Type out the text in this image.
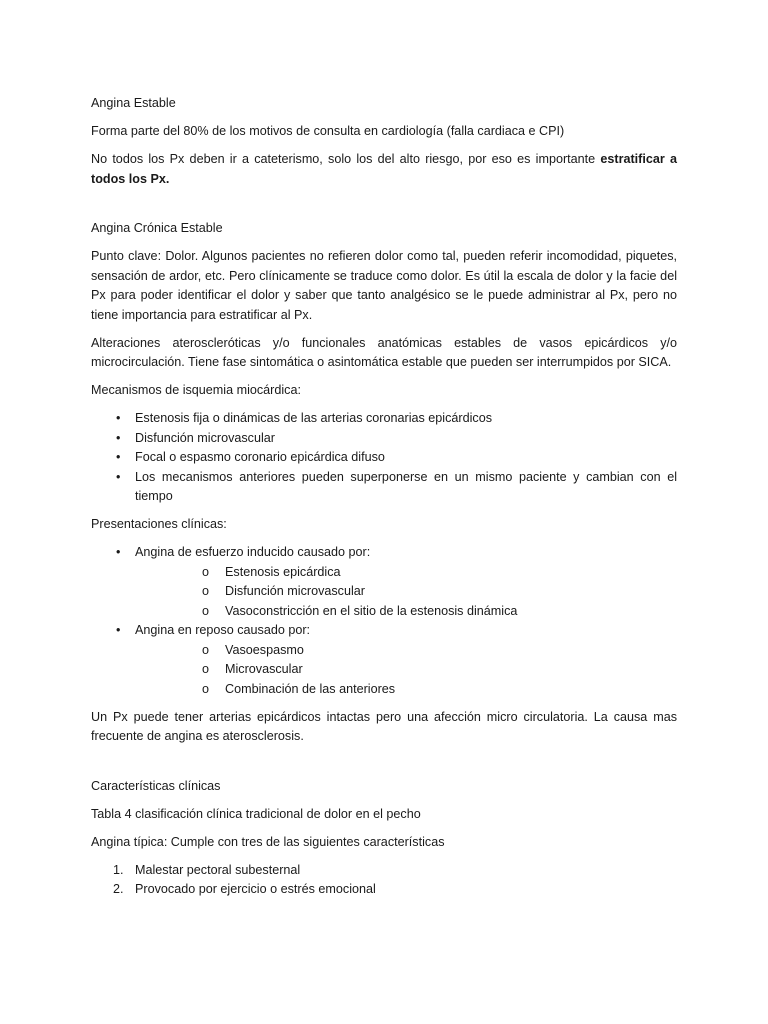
Angina Estable

Forma parte del 80% de los motivos de consulta en cardiología (falla cardiaca e CPI)

No todos los Px deben ir a cateterismo, solo los del alto riesgo, por eso es importante estratificar a todos los Px.

Angina Crónica Estable

Punto clave: Dolor. Algunos pacientes no refieren dolor como tal, pueden referir incomodidad, piquetes, sensación de ardor, etc. Pero clínicamente se traduce como dolor. Es útil la escala de dolor y la facie del Px para poder identificar el dolor y saber que tanto analgésico se le puede administrar al Px, pero no tiene importancia para estratificar al Px.

Alteraciones ateroscleróticas y/o funcionales anatómicas estables de vasos epicárdicos y/o microcirculación. Tiene fase sintomática o asintomática estable que pueden ser interrumpidos por SICA.

Mecanismos de isquemia miocárdica:

•	Estenosis fija o dinámicas de las arterias coronarias epicárdicos
•	Disfunción microvascular
•	Focal o espasmo coronario epicárdica difuso
•	Los mecanismos anteriores pueden superponerse en un mismo paciente y cambian con el tiempo

Presentaciones clínicas:

•	Angina de esfuerzo inducido causado por:
o Estenosis epicárdica
o Disfunción microvascular
o Vasoconstricción en el sitio de la estenosis dinámica
•	Angina en reposo causado por:
o Vasoespasmo
o Microvascular
o Combinación de las anteriores

Un Px puede tener arterias epicárdicos intactas pero una afección micro circulatoria. La causa mas frecuente de angina es aterosclerosis.

Características clínicas

Tabla 4 clasificación clínica tradicional de dolor en el pecho

Angina típica: Cumple con tres de las siguientes características

1. Malestar pectoral subesternal
2. Provocado por ejercicio o estrés emocional
